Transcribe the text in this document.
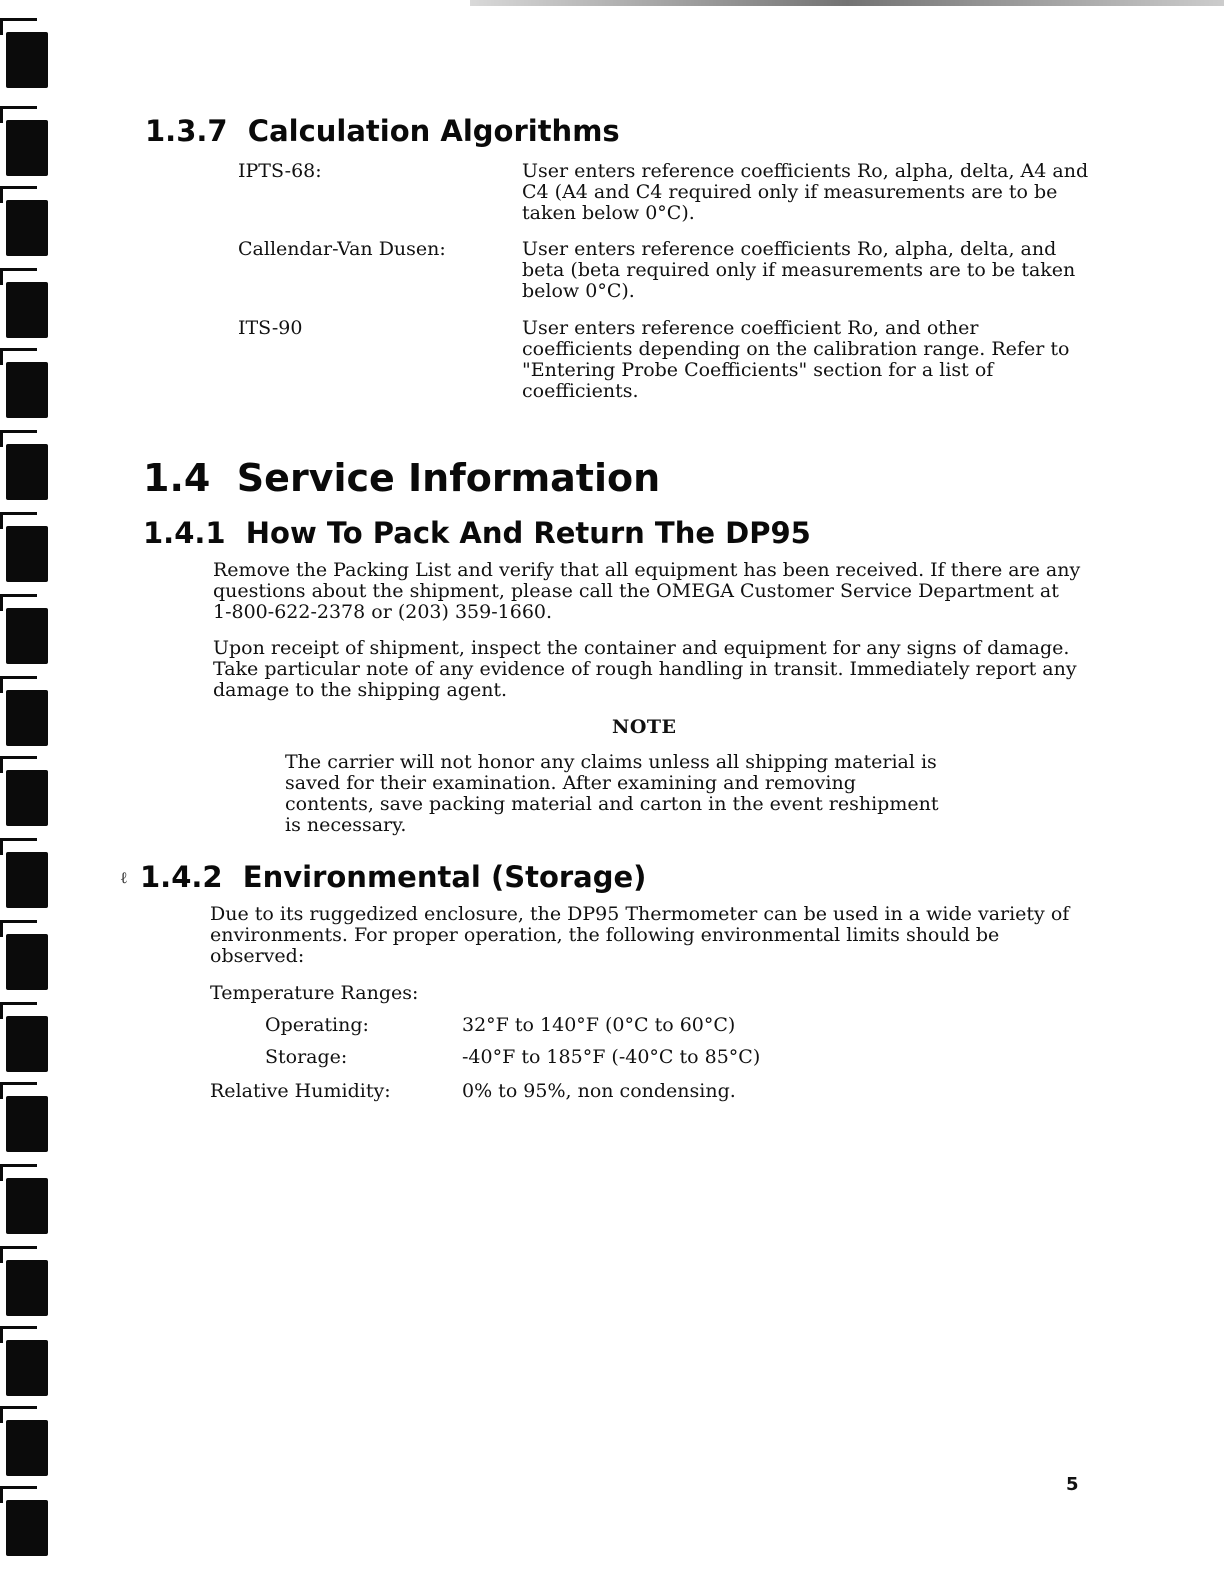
1.3.7 Calculation Algorithms
IPTS-68:	User enters reference coefficients Ro, alpha, delta, A4 and C4 (A4 and C4 required only if measurements are to be taken below 0°C).
Callendar-Van Dusen:	User enters reference coefficients Ro, alpha, delta, and beta (beta required only if measurements are to be taken below 0°C).
ITS-90	User enters reference coefficient Ro, and other coefficients depending on the calibration range. Refer to "Entering Probe Coefficients" section for a list of coefficients.
1.4 Service Information
1.4.1 How To Pack And Return The DP95

Remove the Packing List and verify that all equipment has been received. If there are any questions about the shipment, please call the OMEGA Customer Service Department at 1-800-622-2378 or (203) 359-1660.

Upon receipt of shipment, inspect the container and equipment for any signs of damage. Take particular note of any evidence of rough handling in transit. Immediately report any damage to the shipping agent.

NOTE
The carrier will not honor any claims unless all shipping material is saved for their examination. After examining and removing contents, save packing material and carton in the event reshipment is necessary.
ℓ 1.4.2 Environmental (Storage)

Due to its ruggedized enclosure, the DP95 Thermometer can be used in a wide variety of environments. For proper operation, the following environmental limits should be observed:

Temperature Ranges:
Operating:	32°F to 140°F (0°C to 60°C)
Storage:	-40°F to 185°F (-40°C to 85°C)
Relative Humidity:	0% to 95%, non condensing.
5
